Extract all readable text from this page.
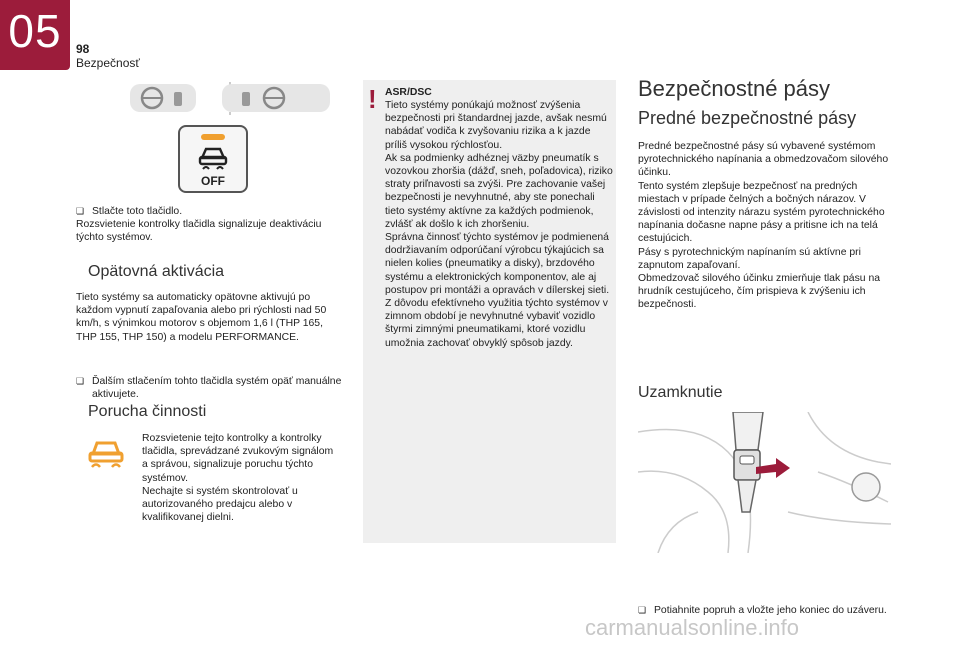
05	98
Bezpečnosť
OFF
❏ Stlačte toto tlačidlo.
Rozsvietenie kontrolky tlačidla signalizuje deaktiváciu týchto systémov.
Opätovná aktivácia
Tieto systémy sa automaticky opätovne aktivujú po každom vypnutí zapaľovania alebo pri rýchlosti nad 50 km/h, s výnimkou motorov s objemom 1,6 l (THP 165, THP 155, THP 150) a modelu PERFORMANCE.
❏ Ďalším stlačením tohto tlačidla systém opäť manuálne aktivujete.
Porucha činnosti
Rozsvietenie tejto kontrolky a kontrolky tlačidla, sprevádzané zvukovým signálom a správou, signalizuje poruchu týchto systémov.
Nechajte si systém skontrolovať u autorizovaného predajcu alebo v kvalifikovanej dielni.
! ASR/DSC
Tieto systémy ponúkajú možnosť zvýšenia bezpečnosti pri štandardnej jazde, avšak nesmú nabádať vodiča k zvyšovaniu rizika a k jazde príliš vysokou rýchlosťou.
Ak sa podmienky adhéznej väzby pneumatík s vozovkou zhoršia (dážď, sneh, poľadovica), riziko straty priľnavosti sa zvýši. Pre zachovanie vašej bezpečnosti je nevyhnutné, aby ste ponechali tieto systémy aktívne za každých podmienok, zvlášť ak došlo k ich zhoršeniu.
Správna činnosť týchto systémov je podmienená dodržiavaním odporúčaní výrobcu týkajúcich sa nielen kolies (pneumatiky a disky), brzdového systému a elektronických komponentov, ale aj postupov pri montáži a opravách v dílerskej sieti.
Z dôvodu efektívneho využitia týchto systémov v zimnom období je nevyhnutné vybaviť vozidlo štyrmi zimnými pneumatikami, ktoré vozidlu umožnia zachovať obvyklý spôsob jazdy.
Bezpečnostné pásy
Predné bezpečnostné pásy
Predné bezpečnostné pásy sú vybavené systémom pyrotechnického napínania a obmedzovačom silového účinku.
Tento systém zlepšuje bezpečnosť na predných miestach v prípade čelných a bočných nárazov. V závislosti od intenzity nárazu systém pyrotechnického napínania dočasne napne pásy a pritisne ich na telá cestujúcich.
Pásy s pyrotechnickým napínaním sú aktívne pri zapnutom zapaľovaní.
Obmedzovač silového účinku zmierňuje tlak pásu na hrudník cestujúceho, čím prispieva k zvýšeniu ich bezpečnosti.
Uzamknutie
❏ Potiahnite popruh a vložte jeho koniec do uzáveru.
carmanualsonline.info
